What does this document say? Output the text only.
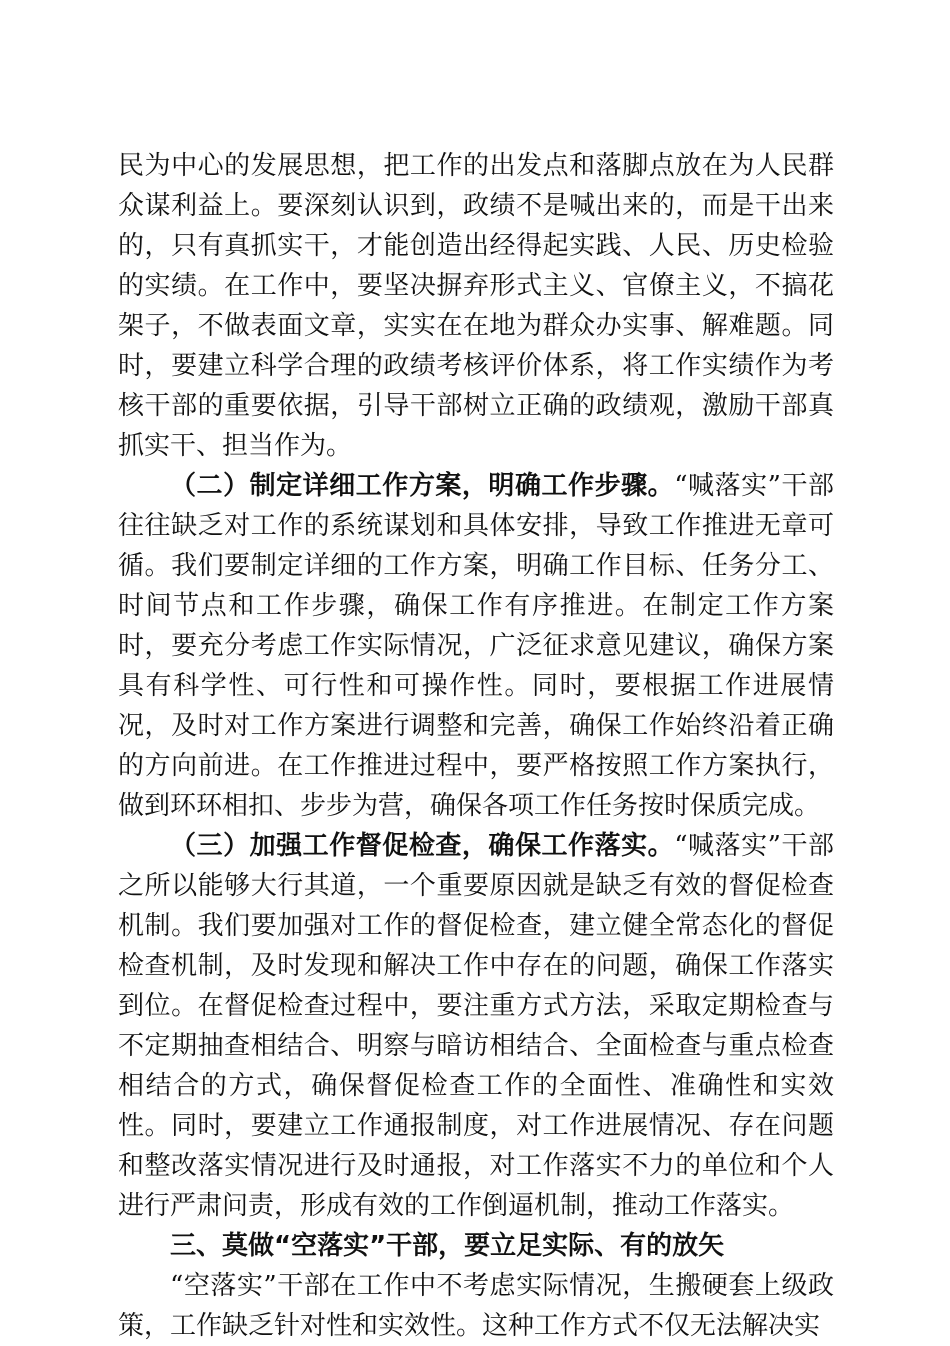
民为中心的发展思想，把工作的出发点和落脚点放在为人民群众谋利益上。要深刻认识到，政绩不是喊出来的，而是干出来的，只有真抓实干，才能创造出经得起实践、人民、历史检验的实绩。在工作中，要坚决摒弃形式主义、官僚主义，不搞花架子，不做表面文章，实实在在地为群众办实事、解难题。同时，要建立科学合理的政绩考核评价体系，将工作实绩作为考核干部的重要依据，引导干部树立正确的政绩观，激励干部真抓实干、担当作为。

（二）制定详细工作方案，明确工作步骤。“喊落实”干部往往缺乏对工作的系统谋划和具体安排，导致工作推进无章可循。我们要制定详细的工作方案，明确工作目标、任务分工、时间节点和工作步骤，确保工作有序推进。在制定工作方案时，要充分考虑工作实际情况，广泛征求意见建议，确保方案具有科学性、可行性和可操作性。同时，要根据工作进展情况，及时对工作方案进行调整和完善，确保工作始终沿着正确的方向前进。在工作推进过程中，要严格按照工作方案执行，做到环环相扣、步步为营，确保各项工作任务按时保质完成。

（三）加强工作督促检查，确保工作落实。“喊落实”干部之所以能够大行其道，一个重要原因就是缺乏有效的督促检查机制。我们要加强对工作的督促检查，建立健全常态化的督促检查机制，及时发现和解决工作中存在的问题，确保工作落实到位。在督促检查过程中，要注重方式方法，采取定期检查与不定期抽查相结合、明察与暗访相结合、全面检查与重点检查相结合的方式，确保督促检查工作的全面性、准确性和实效性。同时，要建立工作通报制度，对工作进展情况、存在问题和整改落实情况进行及时通报，对工作落实不力的单位和个人进行严肃问责，形成有效的工作倒逼机制，推动工作落实。

三、莫做“空落实”干部，要立足实际、有的放矢

“空落实”干部在工作中不考虑实际情况，生搬硬套上级政策，工作缺乏针对性和实效性。这种工作方式不仅无法解决实
